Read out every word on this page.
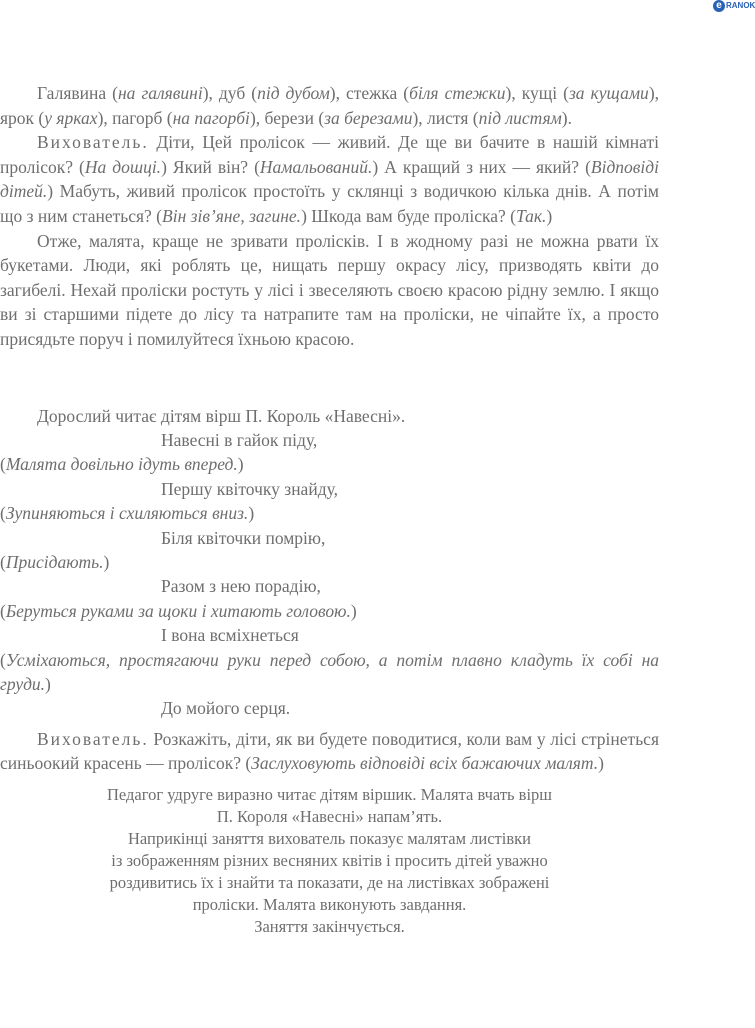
e RANOK

Галявина (на галявині), дуб (під дубом), стежка (біля стежки), кущі (за кущами), ярок (у ярках), пагорб (на пагорбі), берези (за березами), листя (під листям).

Вихователь. Діти, Цей пролісок — живий. Де ще ви бачите в нашій кімнаті пролісок? (На дошці.) Який він? (Намальований.) А кращий з них — який? (Відповіді дітей.) Мабуть, живий пролісок простоїть у склянці з водичкою кілька днів. А потім що з ним станеться? (Він зів’яне, загине.) Шкода вам буде проліска? (Так.)

Отже, малята, краще не зривати пролісків. І в жодному разі не можна рвати їх букетами. Люди, які роблять це, нищать першу окрасу лісу, призводять квіти до загибелі. Нехай проліски ростуть у лісі і звеселяють своєю красою рідну землю. І якщо ви зі старшими підете до лісу та натрапите там на проліски, не чіпайте їх, а просто присядьте поруч і помилуйтеся їхньою красою.

Дорослий читає дітям вірш П. Король «Навесні».

Навесні в гайок піду,

(Малята довільно ідуть вперед.)

Першу квіточку знайду,

(Зупиняються і схиляються вниз.)

Біля квіточки помрію,

(Присідають.)

Разом з нею порадію,

(Беруться руками за щоки і хитають головою.)

І вона всміхнеться

(Усміхаються, простягаючи руки перед собою, а потім плавно кладуть їх собі на груди.)

До мойого серця.

Вихователь. Розкажіть, діти, як ви будете поводитися, коли вам у лісі стрінеться синьоокий красень — пролісок? (Заслуховують відповіді всіх бажаючих малят.)

Педагог удруге виразно читає дітям віршик. Малята вчать вірш
П. Короля «Навесні» напам’ять.
Наприкінці заняття вихователь показує малятам листівки
із зображенням різних весняних квітів і просить дітей уважно
роздивитись їх і знайти та показати, де на листівках зображені
проліски. Малята виконують завдання.
Заняття закінчується.
